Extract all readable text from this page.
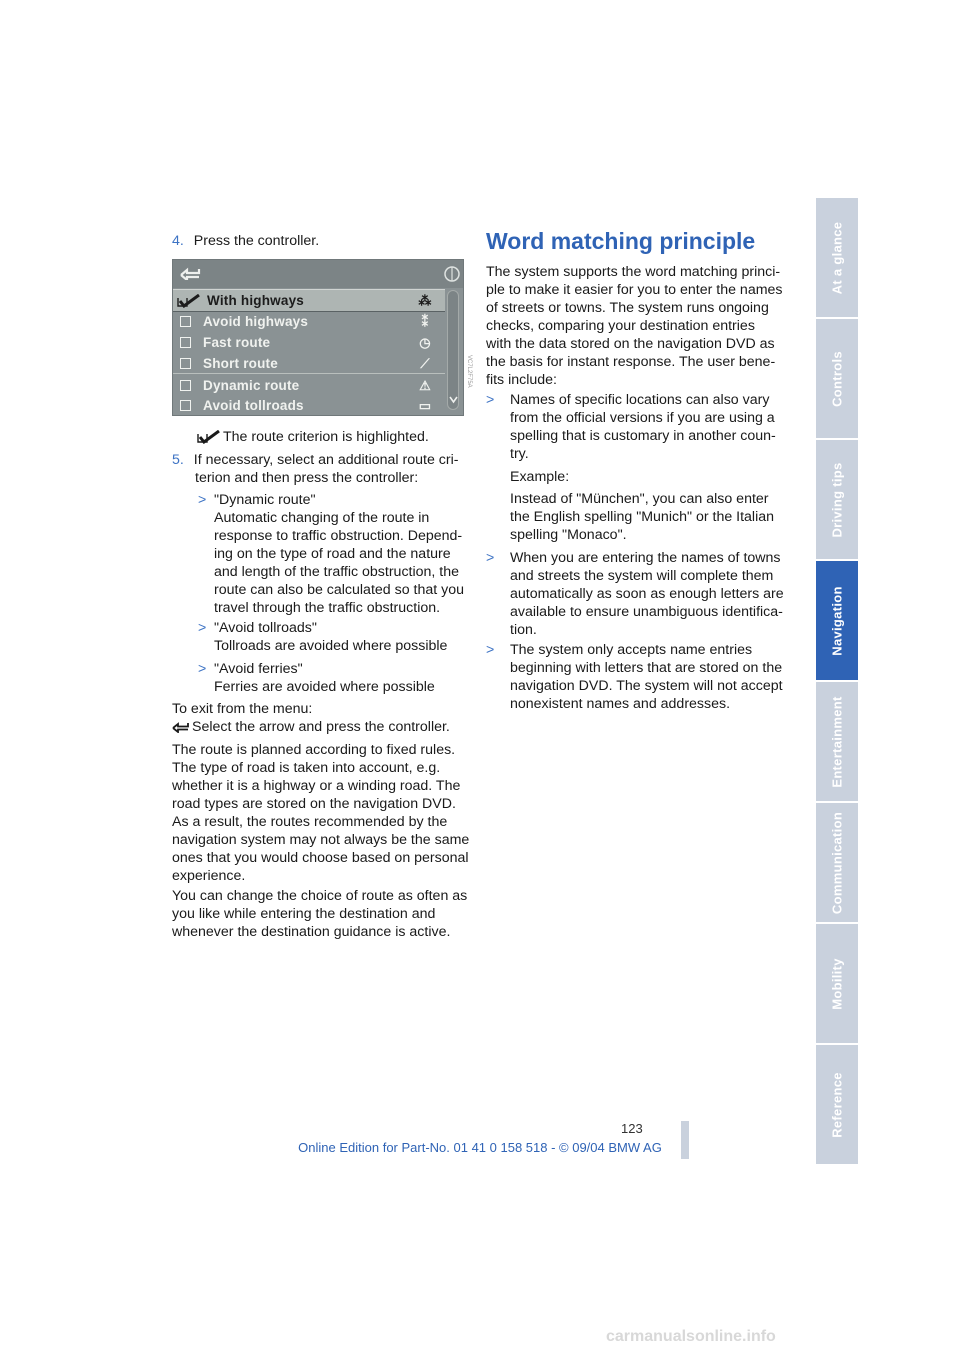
4. Press the controller.
With highways	⁂
Avoid highways	⁑
Fast route	◷
Short route	⟋
Dynamic route	⚠
Avoid tollroads	▭
VC7L2F75A
The route criterion is highlighted.
5. If necessary, select an additional route cri-
terion and then press the controller:
> "Dynamic route"
Automatic changing of the route in
response to traffic obstruction. Depend-
ing on the type of road and the nature
and length of the traffic obstruction, the
route can also be calculated so that you
travel through the traffic obstruction.
> "Avoid tollroads"
Tollroads are avoided where possible
> "Avoid ferries"
Ferries are avoided where possible
To exit from the menu:
Select the arrow and press the controller.
The route is planned according to fixed rules.
The type of road is taken into account, e.g.
whether it is a highway or a winding road. The
road types are stored on the navigation DVD.
As a result, the routes recommended by the
navigation system may not always be the same
ones that you would choose based on personal
experience.
You can change the choice of route as often as
you like while entering the destination and
whenever the destination guidance is active.
Word matching principle
The system supports the word matching princi-
ple to make it easier for you to enter the names
of streets or towns. The system runs ongoing
checks, comparing your destination entries
with the data stored on the navigation DVD as
the basis for instant response. The user bene-
fits include:
> Names of specific locations can also vary
from the official versions if you are using a
spelling that is customary in another coun-
try.
Example:
Instead of "München", you can also enter
the English spelling "Munich" or the Italian
spelling "Monaco".
> When you are entering the names of towns
and streets the system will complete them
automatically as soon as enough letters are
available to ensure unambiguous identifica-
tion.
> The system only accepts name entries
beginning with letters that are stored on the
navigation DVD. The system will not accept
nonexistent names and addresses.
At a glance
Controls
Driving tips
Navigation
Entertainment
Communication
Mobility
Reference
123
Online Edition for Part-No. 01 41 0 158 518 - © 09/04 BMW AG
carmanualsonline.info
